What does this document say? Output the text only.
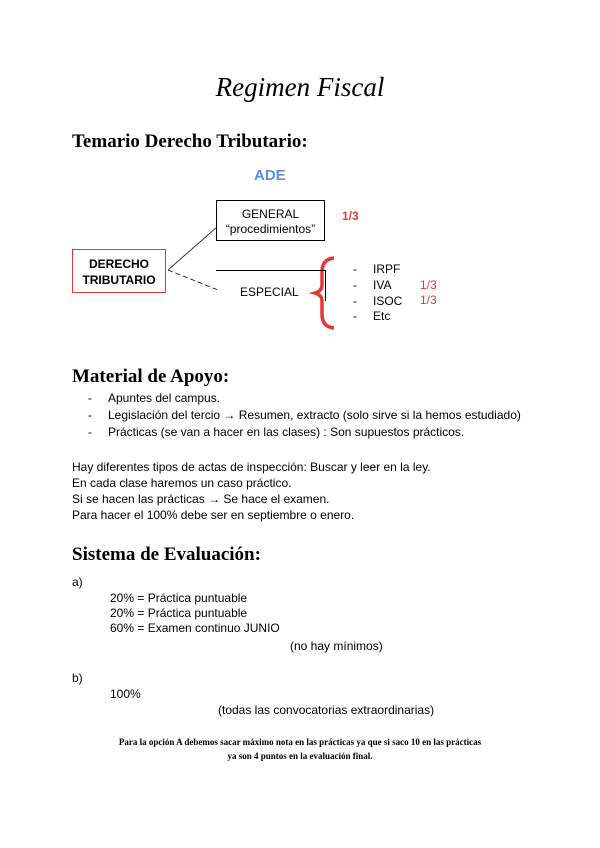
Regimen Fiscal
Temario Derecho Tributario:
ADE
DERECHO
TRIBUTARIO
GENERAL
“procedimientos”
1/3
ESPECIAL
- IRPF
- IVA
- ISOC
- Etc
1/3
1/3
Material de Apoyo:
- Apuntes del campus.
- Legislación del tercio → Resumen, extracto (solo sirve si la hemos estudiado)
- Prácticas (se van a hacer en las clases) : Son supuestos prácticos.
Hay diferentes tipos de actas de inspección: Buscar y leer en la ley.
En cada clase haremos un caso práctico.
Si se hacen las prácticas → Se hace el examen.
Para hacer el 100% debe ser en septiembre o enero.
Sistema de Evaluación:
a)
20% = Práctica puntuable
20% = Práctica puntuable
60% = Examen continuo JUNIO
(no hay mínimos)
b)
100%
(todas las convocatorias extraordinarias)
Para la opción A debemos sacar máximo nota en las prácticas ya que si saco 10 en las prácticas
ya son 4 puntos en la evaluación final.
